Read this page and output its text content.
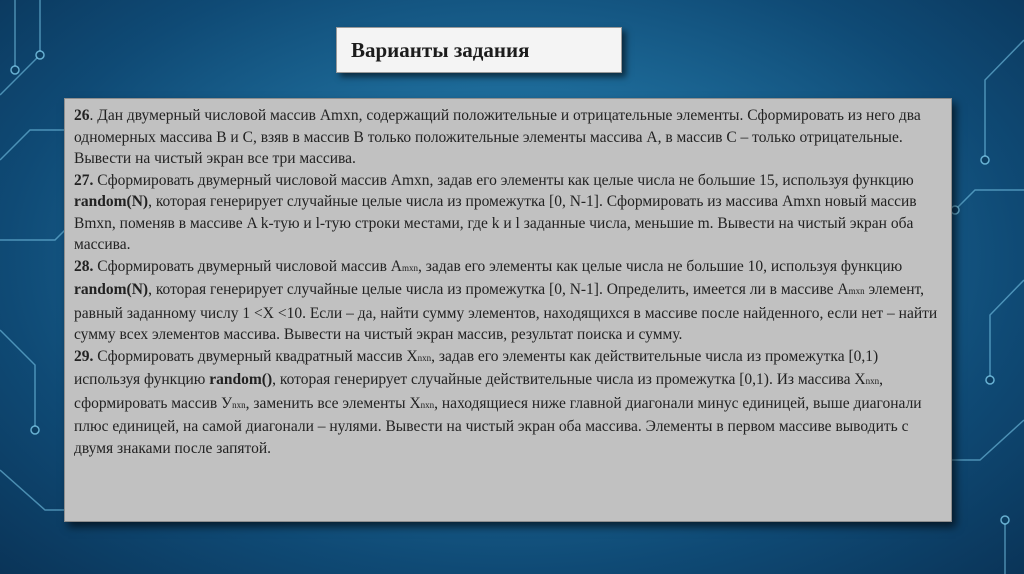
Варианты задания

26. Дан двумерный числовой массив Amxn, содержащий положительные и отрицательные элементы. Сформировать из него два одномерных массива B и C, взяв в массив B только положительные элементы массива A, в массив C – только отрицательные. Вывести на чистый экран все три массива.

27. Сформировать двумерный числовой массив Amxn, задав его элементы как целые числа не большие 15, используя функцию random(N), которая генерирует случайные целые числа из промежутка [0, N-1]. Сформировать из массива Amxn новый массив Bmxn, поменяв в массиве A k-тую и l-тую строки местами, где k и l заданные числа, меньшие m. Вывести на чистый экран оба массива.

28. Сформировать двумерный числовой массив Amxn, задав его элементы как целые числа не большие 10, используя функцию random(N), которая генерирует случайные целые числа из промежутка [0, N-1]. Определить, имеется ли в массиве Amxn элемент, равный заданному числу 1 <X <10. Если – да, найти сумму элементов, находящихся в массиве после найденного, если нет – найти сумму всех элементов массива. Вывести на чистый экран массив, результат поиска и сумму.

29. Сформировать двумерный квадратный массив Xnxn, задав его элементы как действительные числа из промежутка [0,1) используя функцию random(), которая генерирует случайные действительные числа из промежутка [0,1). Из массива Xnxn, сформировать массив Уnxn, заменить все элементы Xnxn, находящиеся ниже главной диагонали минус единицей, выше диагонали плюс единицей, на самой диагонали – нулями. Вывести на чистый экран оба массива. Элементы в первом массиве выводить с двумя знаками после запятой.
